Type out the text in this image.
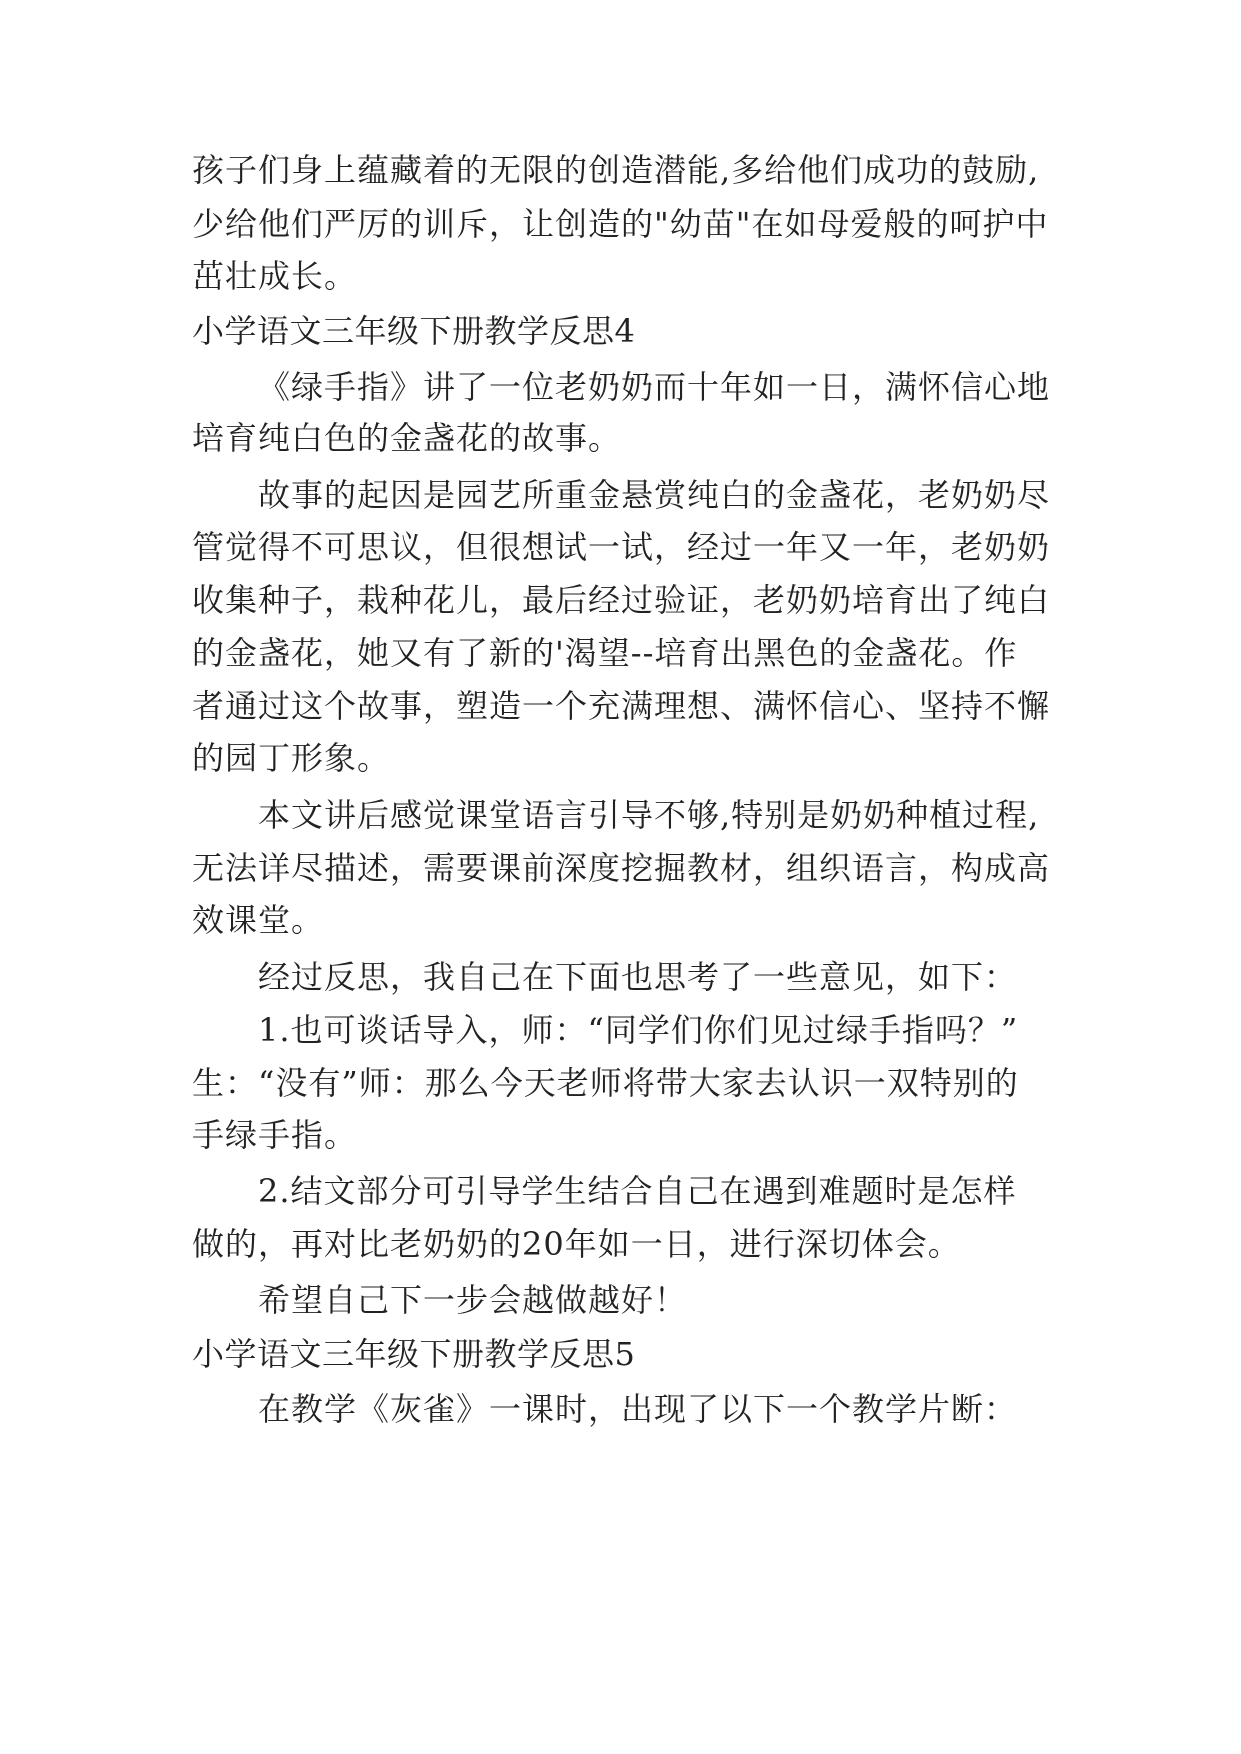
孩子们身上蕴藏着的无限的创造潜能,多给他们成功的鼓励,
少给他们严厉的训斥，让创造的"幼苗"在如母爱般的呵护中
茁壮成长。
小学语文三年级下册教学反思4
《绿手指》讲了一位老奶奶而十年如一日，满怀信心地
培育纯白色的金盏花的故事。
故事的起因是园艺所重金悬赏纯白的金盏花，老奶奶尽
管觉得不可思议，但很想试一试，经过一年又一年，老奶奶
收集种子，栽种花儿，最后经过验证，老奶奶培育出了纯白
的金盏花，她又有了新的'渴望--培育出黑色的金盏花。作
者通过这个故事，塑造一个充满理想、满怀信心、坚持不懈
的园丁形象。
本文讲后感觉课堂语言引导不够,特别是奶奶种植过程,
无法详尽描述，需要课前深度挖掘教材，组织语言，构成高
效课堂。
经过反思，我自己在下面也思考了一些意见，如下：
1.也可谈话导入，师：“同学们你们见过绿手指吗？”
生：“没有”师：那么今天老师将带大家去认识一双特别的
手绿手指。
2.结文部分可引导学生结合自己在遇到难题时是怎样
做的，再对比老奶奶的20年如一日，进行深切体会。
希望自己下一步会越做越好！
小学语文三年级下册教学反思5
在教学《灰雀》一课时，出现了以下一个教学片断：
